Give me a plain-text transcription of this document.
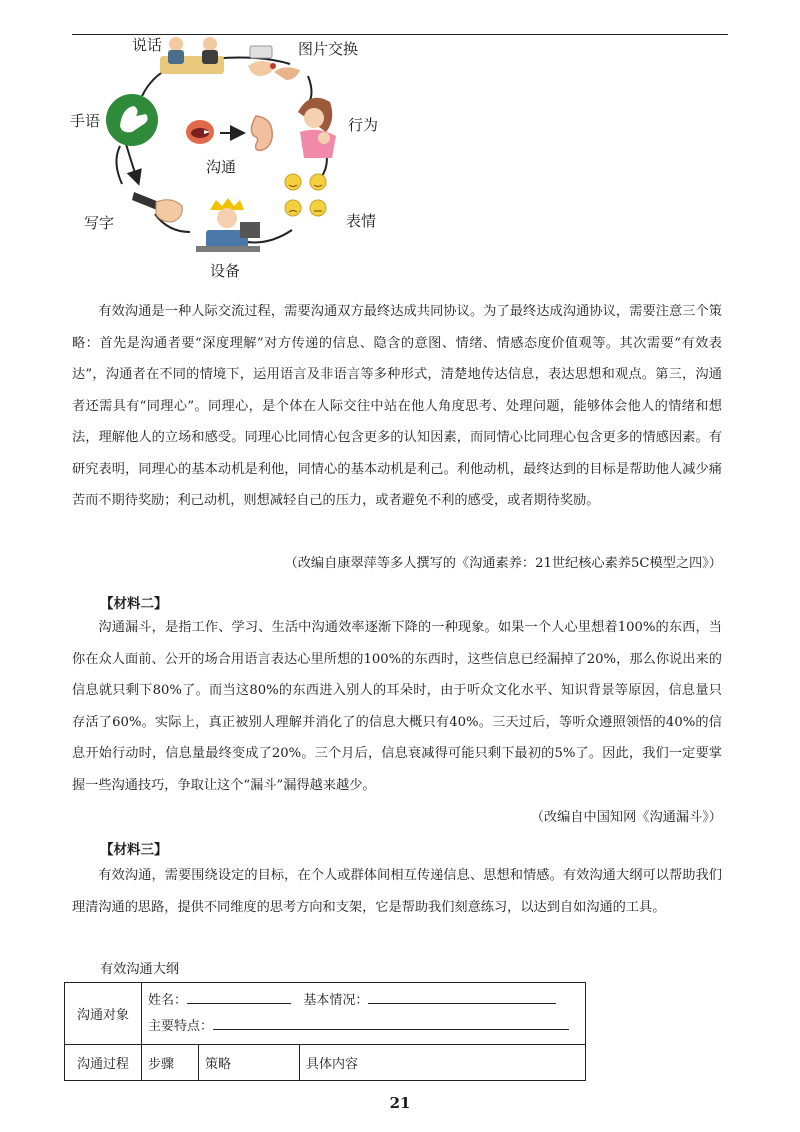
说话	图片交换
行为
手语
沟通
写字	表情
设备

有效沟通是一种人际交流过程，需要沟通双方最终达成共同协议。为了最终达成沟通协议，需要注意三个策略：首先是沟通者要“深度理解”对方传递的信息、隐含的意图、情绪、情感态度价值观等。其次需要“有效表达”，沟通者在不同的情境下，运用语言及非语言等多种形式，清楚地传达信息，表达思想和观点。第三，沟通者还需具有“同理心”。同理心，是个体在人际交往中站在他人角度思考、处理问题，能够体会他人的情绪和想法，理解他人的立场和感受。同理心比同情心包含更多的认知因素，而同情心比同理心包含更多的情感因素。有研究表明，同理心的基本动机是利他，同情心的基本动机是利己。利他动机，最终达到的目标是帮助他人减少痛苦而不期待奖励；利己动机，则想减轻自己的压力，或者避免不利的感受，或者期待奖励。

（改编自康翠萍等多人撰写的《沟通素养：21世纪核心素养5C模型之四》）
【材料二】

沟通漏斗，是指工作、学习、生活中沟通效率逐渐下降的一种现象。如果一个人心里想着100%的东西，当你在众人面前、公开的场合用语言表达心里所想的100%的东西时，这些信息已经漏掉了20%，那么你说出来的信息就只剩下80%了。而当这80%的东西进入别人的耳朵时，由于听众文化水平、知识背景等原因，信息量只存活了60%。实际上，真正被别人理解并消化了的信息大概只有40%。三天过后，等听众遵照领悟的40%的信息开始行动时，信息量最终变成了20%。三个月后，信息衰减得可能只剩下最初的5%了。因此，我们一定要掌握一些沟通技巧，争取让这个“漏斗”漏得越来越少。

（改编自中国知网《沟通漏斗》）
【材料三】

有效沟通，需要围绕设定的目标，在个人或群体间相互传递信息、思想和情感。有效沟通大纲可以帮助我们理清沟通的思路，提供不同维度的思考方向和支架，它是帮助我们刻意练习，以达到自如沟通的工具。

有效沟通大纲
沟通对象	姓名： 基本情况：
主要特点：		
沟通过程	步骤	策略	具体内容
21
